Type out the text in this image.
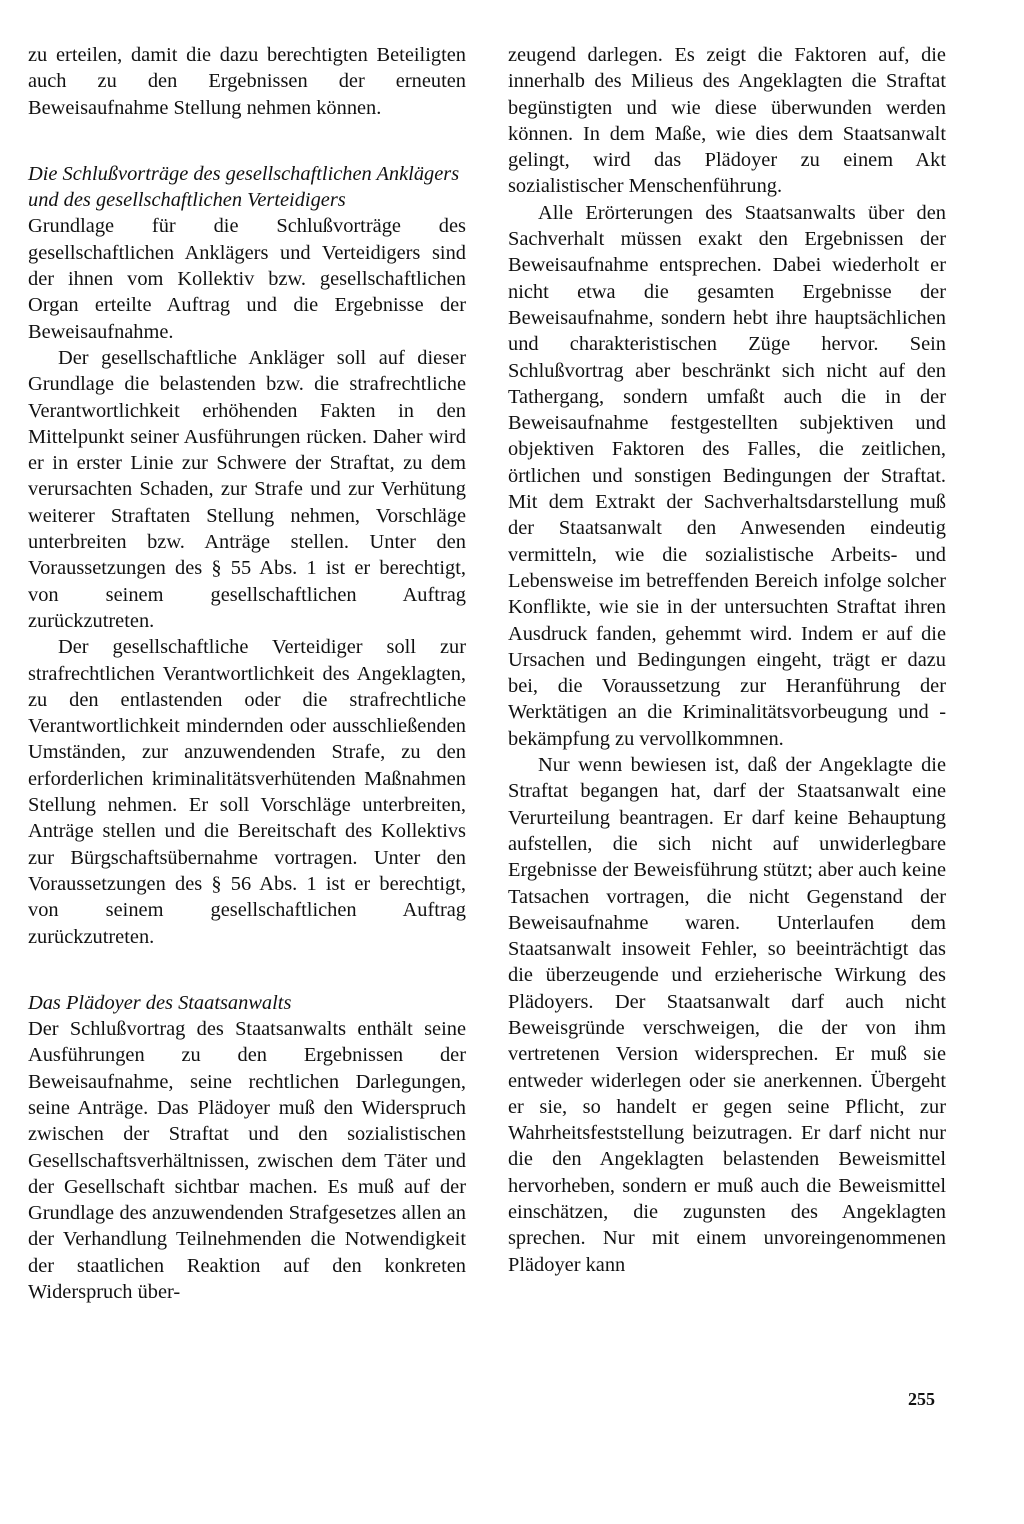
zu erteilen, damit die dazu berechtigten Beteiligten auch zu den Ergebnissen der erneuten Beweisaufnahme Stellung nehmen können.

Die Schlußvorträge des gesellschaftlichen Anklägers und des gesellschaftlichen Verteidigers

Grundlage für die Schlußvorträge des gesellschaftlichen Anklägers und Verteidigers sind der ihnen vom Kollektiv bzw. gesellschaftlichen Organ erteilte Auftrag und die Ergebnisse der Beweisaufnahme.

Der gesellschaftliche Ankläger soll auf dieser Grundlage die belastenden bzw. die strafrechtliche Verantwortlichkeit erhöhenden Fakten in den Mittelpunkt seiner Ausführungen rücken. Daher wird er in erster Linie zur Schwere der Straftat, zu dem verursachten Schaden, zur Strafe und zur Verhütung weiterer Straftaten Stellung nehmen, Vorschläge unterbreiten bzw. Anträge stellen. Unter den Voraussetzungen des § 55 Abs. 1 ist er berechtigt, von seinem gesellschaftlichen Auftrag zurückzutreten.

Der gesellschaftliche Verteidiger soll zur strafrechtlichen Verantwortlichkeit des Angeklagten, zu den entlastenden oder die strafrechtliche Verantwortlichkeit mindernden oder ausschließenden Umständen, zur anzuwendenden Strafe, zu den erforderlichen kriminalitätsverhütenden Maßnahmen Stellung nehmen. Er soll Vorschläge unterbreiten, Anträge stellen und die Bereitschaft des Kollektivs zur Bürgschaftsübernahme vortragen. Unter den Voraussetzungen des § 56 Abs. 1 ist er berechtigt, von seinem gesellschaftlichen Auftrag zurückzutreten.

Das Plädoyer des Staatsanwalts

Der Schlußvortrag des Staatsanwalts enthält seine Ausführungen zu den Ergebnissen der Beweisaufnahme, seine rechtlichen Darlegungen, seine Anträge. Das Plädoyer muß den Widerspruch zwischen der Straftat und den sozialistischen Gesellschaftsverhältnissen, zwischen dem Täter und der Gesellschaft sichtbar machen. Es muß auf der Grundlage des anzuwendenden Strafgesetzes allen an der Verhandlung Teilnehmenden die Notwendigkeit der staatlichen Reaktion auf den konkreten Widerspruch über-

zeugend darlegen. Es zeigt die Faktoren auf, die innerhalb des Milieus des Angeklagten die Straftat begünstigten und wie diese überwunden werden können. In dem Maße, wie dies dem Staatsanwalt gelingt, wird das Plädoyer zu einem Akt sozialistischer Menschenführung.

Alle Erörterungen des Staatsanwalts über den Sachverhalt müssen exakt den Ergebnissen der Beweisaufnahme entsprechen. Dabei wiederholt er nicht etwa die gesamten Ergebnisse der Beweisaufnahme, sondern hebt ihre hauptsächlichen und charakteristischen Züge hervor. Sein Schlußvortrag aber beschränkt sich nicht auf den Tathergang, sondern umfaßt auch die in der Beweisaufnahme festgestellten subjektiven und objektiven Faktoren des Falles, die zeitlichen, örtlichen und sonstigen Bedingungen der Straftat. Mit dem Extrakt der Sachverhaltsdarstellung muß der Staatsanwalt den Anwesenden eindeutig vermitteln, wie die sozialistische Arbeits- und Lebensweise im betreffenden Bereich infolge solcher Konflikte, wie sie in der untersuchten Straftat ihren Ausdruck fanden, gehemmt wird. Indem er auf die Ursachen und Bedingungen eingeht, trägt er dazu bei, die Voraussetzung zur Heranführung der Werktätigen an die Kriminalitätsvorbeugung und -bekämpfung zu vervollkommnen.

Nur wenn bewiesen ist, daß der Angeklagte die Straftat begangen hat, darf der Staatsanwalt eine Verurteilung beantragen. Er darf keine Behauptung aufstellen, die sich nicht auf unwiderlegbare Ergebnisse der Beweisführung stützt; aber auch keine Tatsachen vortragen, die nicht Gegenstand der Beweisaufnahme waren. Unterlaufen dem Staatsanwalt insoweit Fehler, so beeinträchtigt das die überzeugende und erzieherische Wirkung des Plädoyers. Der Staatsanwalt darf auch nicht Beweisgründe verschweigen, die der von ihm vertretenen Version widersprechen. Er muß sie entweder widerlegen oder sie anerkennen. Übergeht er sie, so handelt er gegen seine Pflicht, zur Wahrheitsfeststellung beizutragen. Er darf nicht nur die den Angeklagten belastenden Beweismittel hervorheben, sondern er muß auch die Beweismittel einschätzen, die zugunsten des Angeklagten sprechen. Nur mit einem unvoreingenommenen Plädoyer kann

255
